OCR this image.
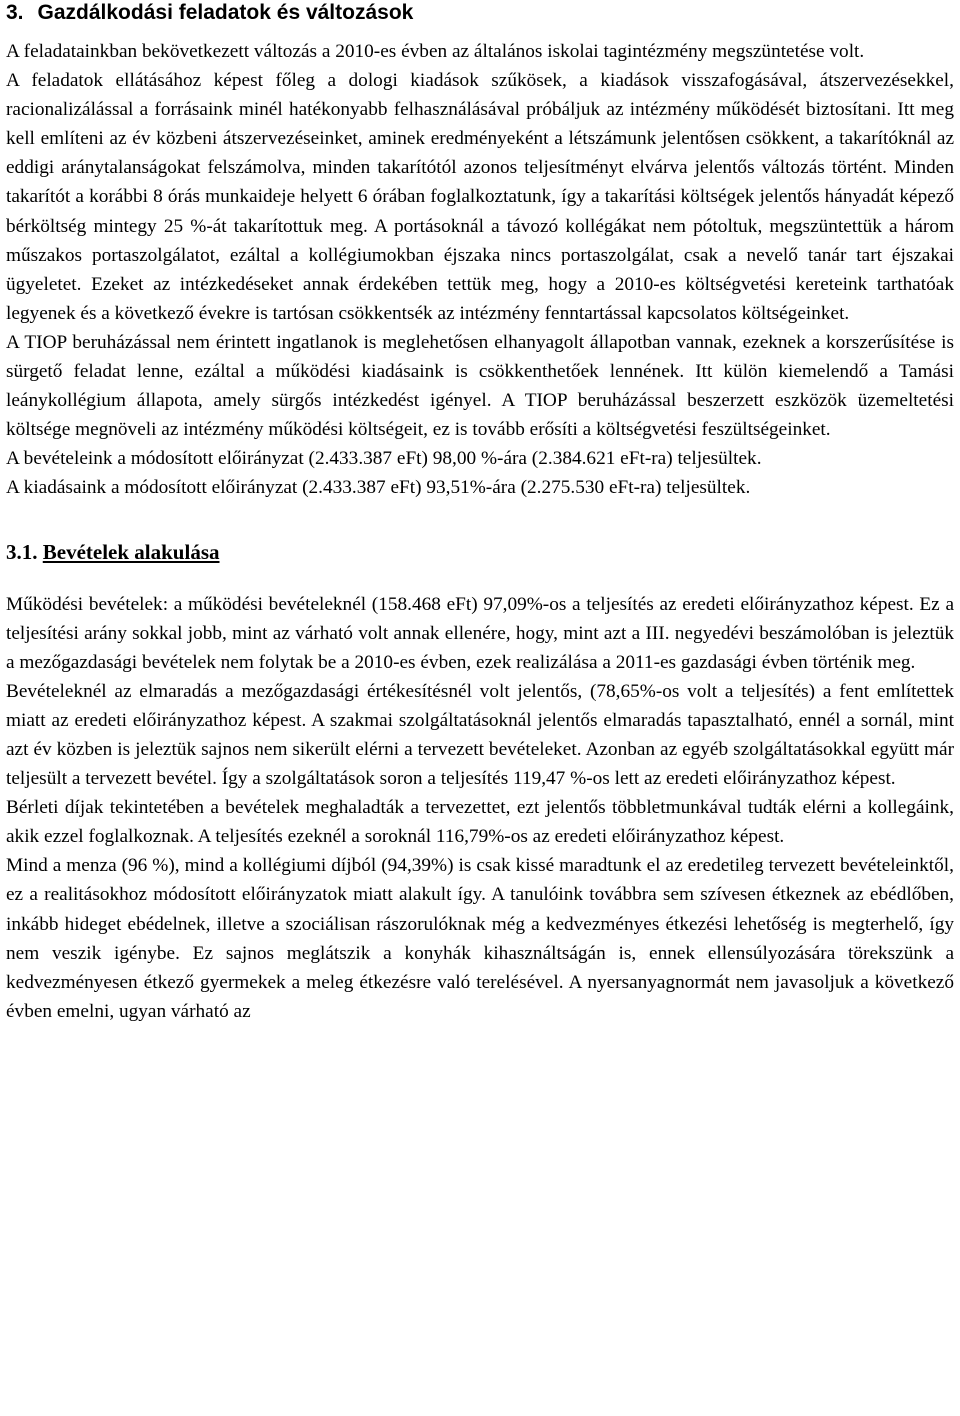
3. Gazdálkodási feladatok és változások

A feladatainkban bekövetkezett változás a 2010-es évben az általános iskolai tagintézmény megszüntetése volt.

A feladatok ellátásához képest főleg a dologi kiadások szűkösek, a kiadások visszafogásával, átszervezésekkel, racionalizálással a forrásaink minél hatékonyabb felhasználásával próbáljuk az intézmény működését biztosítani. Itt meg kell említeni az év közbeni átszervezéseinket, aminek eredményeként a létszámunk jelentősen csökkent, a takarítóknál az eddigi aránytalanságokat felszámolva, minden takarítótól azonos teljesítményt elvárva jelentős változás történt. Minden takarítót a korábbi 8 órás munkaideje helyett 6 órában foglalkoztatunk, így a takarítási költségek jelentős hányadát képező bérköltség mintegy 25 %-át takarítottuk meg. A portásoknál a távozó kollégákat nem pótoltuk, megszüntettük a három műszakos portaszolgálatot, ezáltal a kollégiumokban éjszaka nincs portaszolgálat, csak a nevelő tanár tart éjszakai ügyeletet. Ezeket az intézkedéseket annak érdekében tettük meg, hogy a 2010-es költségvetési kereteink tarthatóak legyenek és a következő évekre is tartósan csökkentsék az intézmény fenntartással kapcsolatos költségeinket.

A TIOP beruházással nem érintett ingatlanok is meglehetősen elhanyagolt állapotban vannak, ezeknek a korszerűsítése is sürgető feladat lenne, ezáltal a működési kiadásaink is csökkenthetőek lennének. Itt külön kiemelendő a Tamási leánykollégium állapota, amely sürgős intézkedést igényel. A TIOP beruházással beszerzett eszközök üzemeltetési költsége megnöveli az intézmény működési költségeit, ez is tovább erősíti a költségvetési feszültségeinket.

A bevételeink a módosított előirányzat (2.433.387 eFt) 98,00 %-ára (2.384.621 eFt-ra) teljesültek.

A kiadásaink a módosított előirányzat (2.433.387 eFt) 93,51%-ára (2.275.530 eFt-ra) teljesültek.

3.1. Bevételek alakulása

Működési bevételek: a működési bevételeknél (158.468 eFt) 97,09%-os a teljesítés az eredeti előirányzathoz képest. Ez a teljesítési arány sokkal jobb, mint az várható volt annak ellenére, hogy, mint azt a III. negyedévi beszámolóban is jeleztük a mezőgazdasági bevételek nem folytak be a 2010-es évben, ezek realizálása a 2011-es gazdasági évben történik meg.

Bevételeknél az elmaradás a mezőgazdasági értékesítésnél volt jelentős, (78,65%-os volt a teljesítés) a fent említettek miatt az eredeti előirányzathoz képest. A szakmai szolgáltatásoknál jelentős elmaradás tapasztalható, ennél a sornál, mint azt év közben is jeleztük sajnos nem sikerült elérni a tervezett bevételeket. Azonban az egyéb szolgáltatásokkal együtt már teljesült a tervezett bevétel. Így a szolgáltatások soron a teljesítés 119,47 %-os lett az eredeti előirányzathoz képest.

Bérleti díjak tekintetében a bevételek meghaladták a tervezettet, ezt jelentős többletmunkával tudták elérni a kollegáink, akik ezzel foglalkoznak. A teljesítés ezeknél a soroknál 116,79%-os az eredeti előirányzathoz képest.

Mind a menza (96 %), mind a kollégiumi díjból (94,39%) is csak kissé maradtunk el az eredetileg tervezett bevételeinktől, ez a realitásokhoz módosított előirányzatok miatt alakult így. A tanulóink továbbra sem szívesen étkeznek az ebédlőben, inkább hideget ebédelnek, illetve a szociálisan rászorulóknak még a kedvezményes étkezési lehetőség is megterhelő, így nem veszik igénybe. Ez sajnos meglátszik a konyhák kihasználtságán is, ennek ellensúlyozására törekszünk a kedvezményesen étkező gyermekek a meleg étkezésre való terelésével. A nyersanyagnormát nem javasoljuk a következő évben emelni, ugyan várható az
